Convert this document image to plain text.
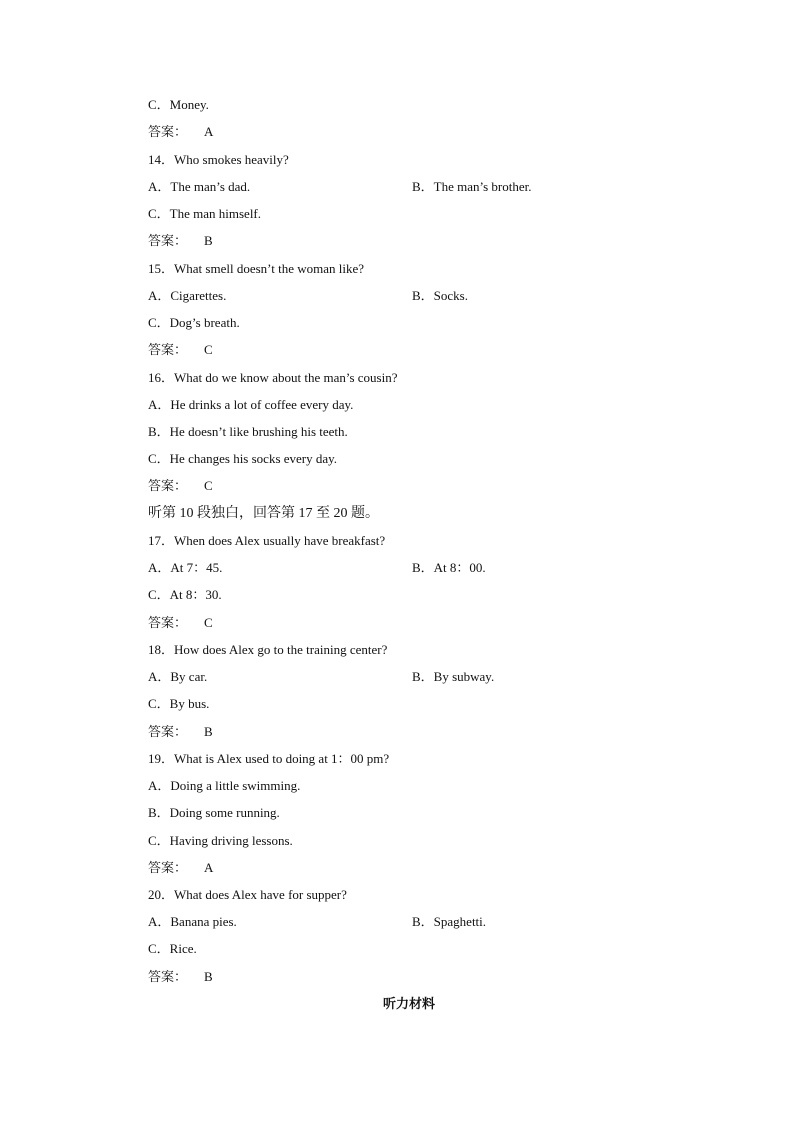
C．Money.
答案： A
14．Who smokes heavily?
A．The man’s dad.	B．The man’s brother.
C．The man himself.
答案： B
15．What smell doesn’t the woman like?
A．Cigarettes.	B．Socks.
C．Dog’s breath.
答案： C
16．What do we know about the man’s cousin?
A．He drinks a lot of coffee every day.
B．He doesn’t like brushing his teeth.
C．He changes his socks every day.
答案： C
听第 10 段独白，回答第 17 至 20 题。
17．When does Alex usually have breakfast?
A．At 7：45.	B．At 8：00.
C．At 8：30.
答案： C
18．How does Alex go to the training center?
A．By car.	B．By subway.
C．By bus.
答案： B
19．What is Alex used to doing at 1：00 pm?
A．Doing a little swimming.
B．Doing some running.
C．Having driving lessons.
答案： A
20．What does Alex have for supper?
A．Banana pies.	B．Spaghetti.
C．Rice.
答案： B
听力材料
